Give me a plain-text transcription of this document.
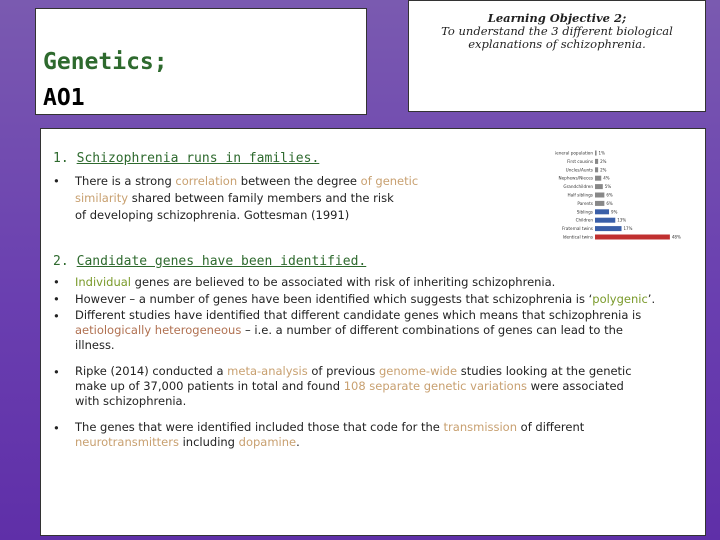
Genetics;
AO1
Learning Objective 2;
To understand the 3 different biological explanations of schizophrenia.
1. Schizophrenia runs in families.
• There is a strong correlation between the degree of genetic
similarity shared between family members and the risk
of developing schizophrenia. Gottesman (1991)
General population 1%
First cousins 2%
Uncles/Aunts 2%
Nephews/Nieces	4%
Grandchildren	5%
Half siblings	6%
Parents	6%
Siblings	9%
Children	13%
Fraternal twins	17%
Identical twins	48%
2. Candidate genes have been identified.
• Individual genes are believed to be associated with risk of inheriting schizophrenia.
• However – a number of genes have been identified which suggests that schizophrenia is ‘polygenic’.
• Different studies have identified that different candidate genes which means that schizophrenia is
aetiologically heterogeneous – i.e. a number of different combinations of genes can lead to the
illness.
• Ripke (2014) conducted a meta-analysis of previous genome-wide studies looking at the genetic
make up of 37,000 patients in total and found 108 separate genetic variations were associated
with schizophrenia.
• The genes that were identified included those that code for the transmission of different
neurotransmitters including dopamine.
